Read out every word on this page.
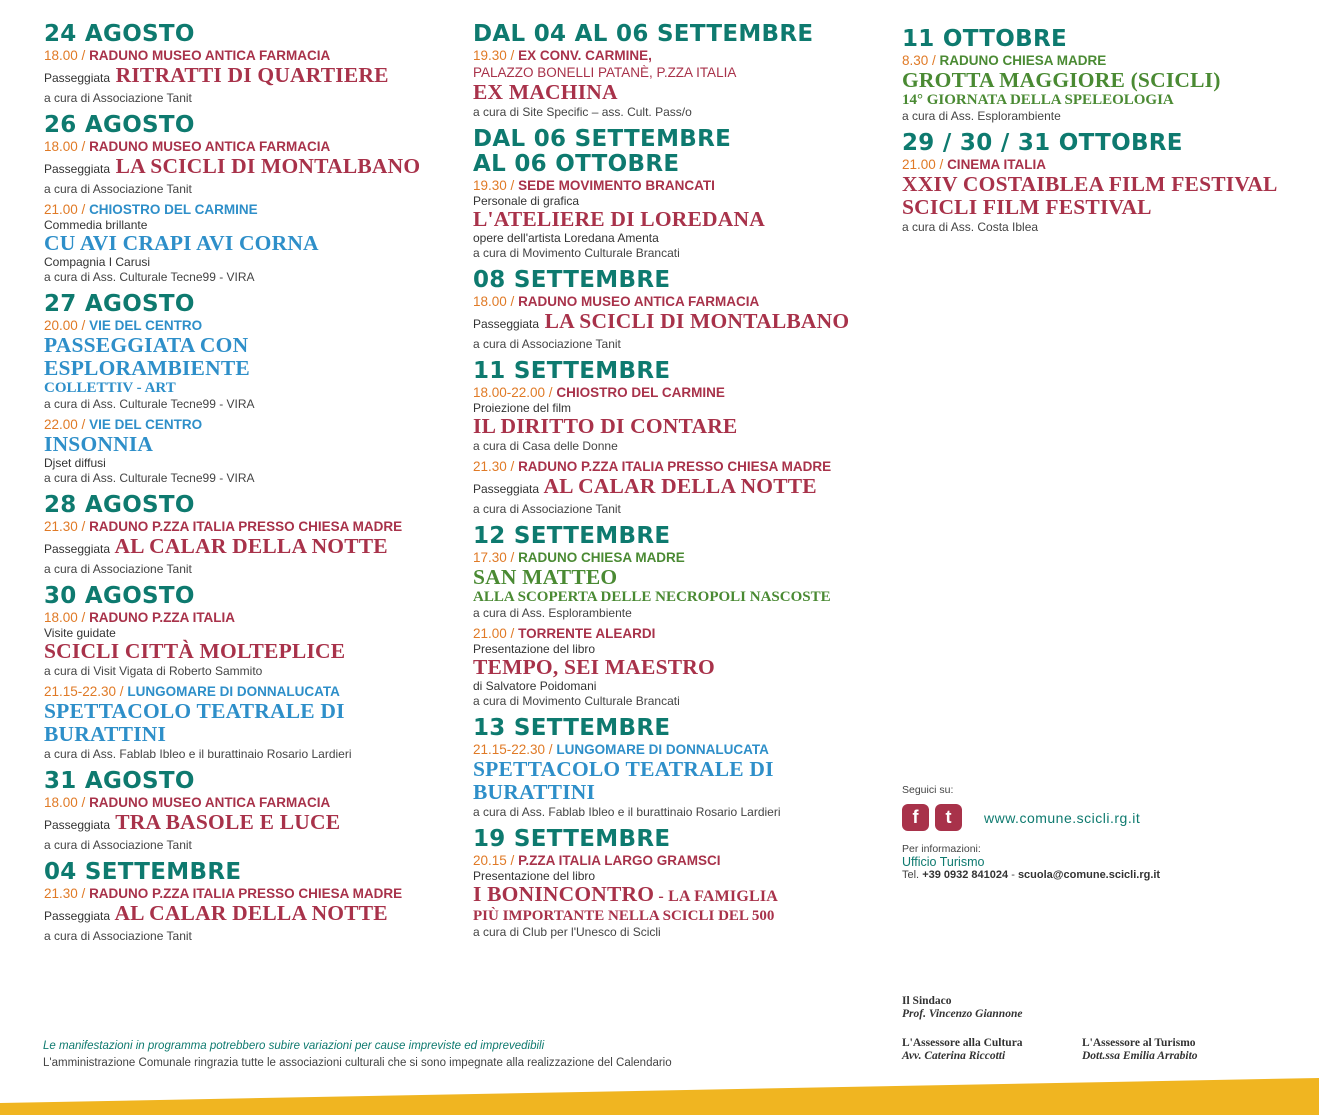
24 AGOSTO
18.00 / RADUNO MUSEO ANTICA FARMACIA
Passeggiata RITRATTI DI QUARTIERE
a cura di Associazione Tanit
26 AGOSTO
18.00 / RADUNO MUSEO ANTICA FARMACIA
Passeggiata LA SCICLI DI MONTALBANO
a cura di Associazione Tanit
21.00 / CHIOSTRO DEL CARMINE
Commedia brillante
CU AVI CRAPI AVI CORNA
Compagnia I Carusi
a cura di Ass. Culturale Tecne99 - VIRA
27 AGOSTO
20.00 / VIE DEL CENTRO
PASSEGGIATA CON ESPLORAMBIENTE
COLLETTIV - ART
a cura di Ass. Culturale Tecne99 - VIRA
22.00 / VIE DEL CENTRO
INSONNIA
Djset diffusi
a cura di Ass. Culturale Tecne99 - VIRA
28 AGOSTO
21.30 / RADUNO P.ZZA ITALIA PRESSO CHIESA MADRE
Passeggiata AL CALAR DELLA NOTTE
a cura di Associazione Tanit
30 AGOSTO
18.00 / RADUNO P.ZZA ITALIA
Visite guidate
SCICLI CITTÀ MOLTEPLICE
a cura di Visit Vigata di Roberto Sammito
21.15-22.30 / LUNGOMARE DI DONNALUCATA
SPETTACOLO TEATRALE DI BURATTINI
a cura di Ass. Fablab Ibleo e il burattinaio Rosario Lardieri
31 AGOSTO
18.00 / RADUNO MUSEO ANTICA FARMACIA
Passeggiata TRA BASOLE E LUCE
a cura di Associazione Tanit
04 SETTEMBRE
21.30 / RADUNO P.ZZA ITALIA PRESSO CHIESA MADRE
Passeggiata AL CALAR DELLA NOTTE
a cura di Associazione Tanit
DAL 04 AL 06 SETTEMBRE
19.30 / EX CONV. CARMINE,
PALAZZO BONELLI PATANÈ, P.ZZA ITALIA
EX MACHINA
a cura di Site Specific – ass. Cult. Pass/o
DAL 06 SETTEMBRE
AL 06 OTTOBRE
19.30 / SEDE MOVIMENTO BRANCATI
Personale di grafica
L'ATELIERE DI LOREDANA
opere dell'artista Loredana Amenta
a cura di Movimento Culturale Brancati
08 SETTEMBRE
18.00 / RADUNO MUSEO ANTICA FARMACIA
Passeggiata LA SCICLI DI MONTALBANO
a cura di Associazione Tanit
11 SETTEMBRE
18.00-22.00 / CHIOSTRO DEL CARMINE
Proiezione del film
IL DIRITTO DI CONTARE
a cura di Casa delle Donne
21.30 / RADUNO P.ZZA ITALIA PRESSO CHIESA MADRE
Passeggiata AL CALAR DELLA NOTTE
a cura di Associazione Tanit
12 SETTEMBRE
17.30 / RADUNO CHIESA MADRE
SAN MATTEO
ALLA SCOPERTA DELLE NECROPOLI NASCOSTE
a cura di Ass. Esplorambiente
21.00 / TORRENTE ALEARDI
Presentazione del libro
TEMPO, SEI MAESTRO
di Salvatore Poidomani
a cura di Movimento Culturale Brancati
13 SETTEMBRE
21.15-22.30 / LUNGOMARE DI DONNALUCATA
SPETTACOLO TEATRALE DI BURATTINI
a cura di Ass. Fablab Ibleo e il burattinaio Rosario Lardieri
19 SETTEMBRE
20.15 / P.ZZA ITALIA LARGO GRAMSCI
Presentazione del libro
I BONINCONTRO - LA FAMIGLIA
PIÙ IMPORTANTE NELLA SCICLI DEL 500
a cura di Club per l'Unesco di Scicli
11 OTTOBRE
8.30 / RADUNO CHIESA MADRE
GROTTA MAGGIORE (SCICLI)
14° GIORNATA DELLA SPELEOLOGIA
a cura di Ass. Esplorambiente
29 / 30 / 31 OTTOBRE
21.00 / CINEMA ITALIA
XXIV COSTAIBLEA FILM FESTIVAL
SCICLI FILM FESTIVAL
a cura di Ass. Costa Iblea
Seguici su:
f	t	www.comune.scicli.rg.it
Per informazioni:
Ufficio Turismo
Tel. +39 0932 841024 - scuola@comune.scicli.rg.it
Il Sindaco
Prof. Vincenzo Giannone
L'Assessore alla Cultura
Avv. Caterina Riccotti
L'Assessore al Turismo
Dott.ssa Emilia Arrabito
Le manifestazioni in programma potrebbero subire variazioni per cause impreviste ed imprevedibili
L'amministrazione Comunale ringrazia tutte le associazioni culturali che si sono impegnate alla realizzazione del Calendario
